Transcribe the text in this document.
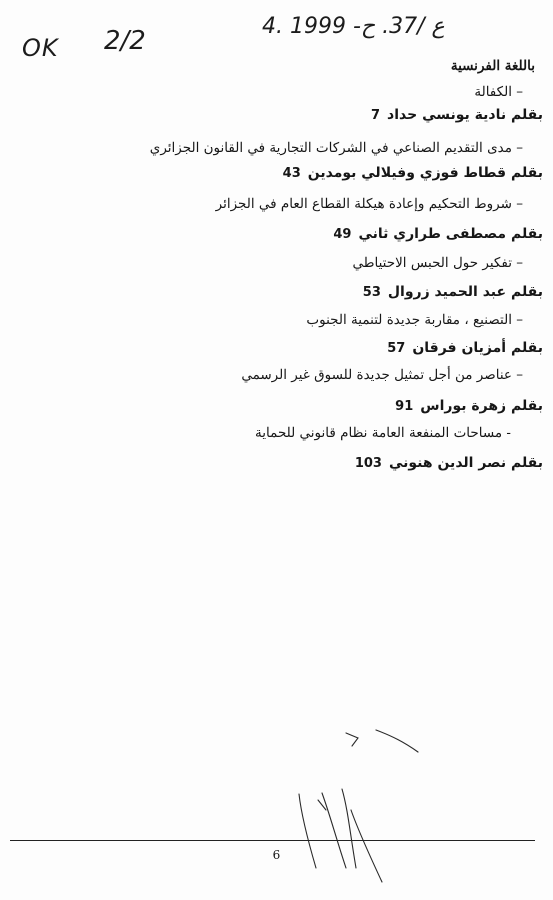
OK 2/2	4. ع /37. ح- 1999
باللغة الفرنسية
– الكفالة
7 بقلم نادية يونسي حداد
– مدى التقديم الصناعي في الشركات التجارية في القانون الجزائري
43 بقلم قطاط فوزي وفيلالي بومدين
– شروط التحكيم وإعادة هيكلة القطاع العام في الجزائر
49 بقلم مصطفى طراري ثاني
– تفكير حول الحبس الاحتياطي
53 بقلم عبد الحميد زروال
– التصنيع ، مقاربة جديدة لتنمية الجنوب
57 بقلم أمزيان فرقان
– عناصر من أجل تمثيل جديدة للسوق غير الرسمي
91 بقلم زهرة بوراس
- مساحات المنفعة العامة نظام قانوني للحماية
103 بقلم نصر الدين هنوني
6
